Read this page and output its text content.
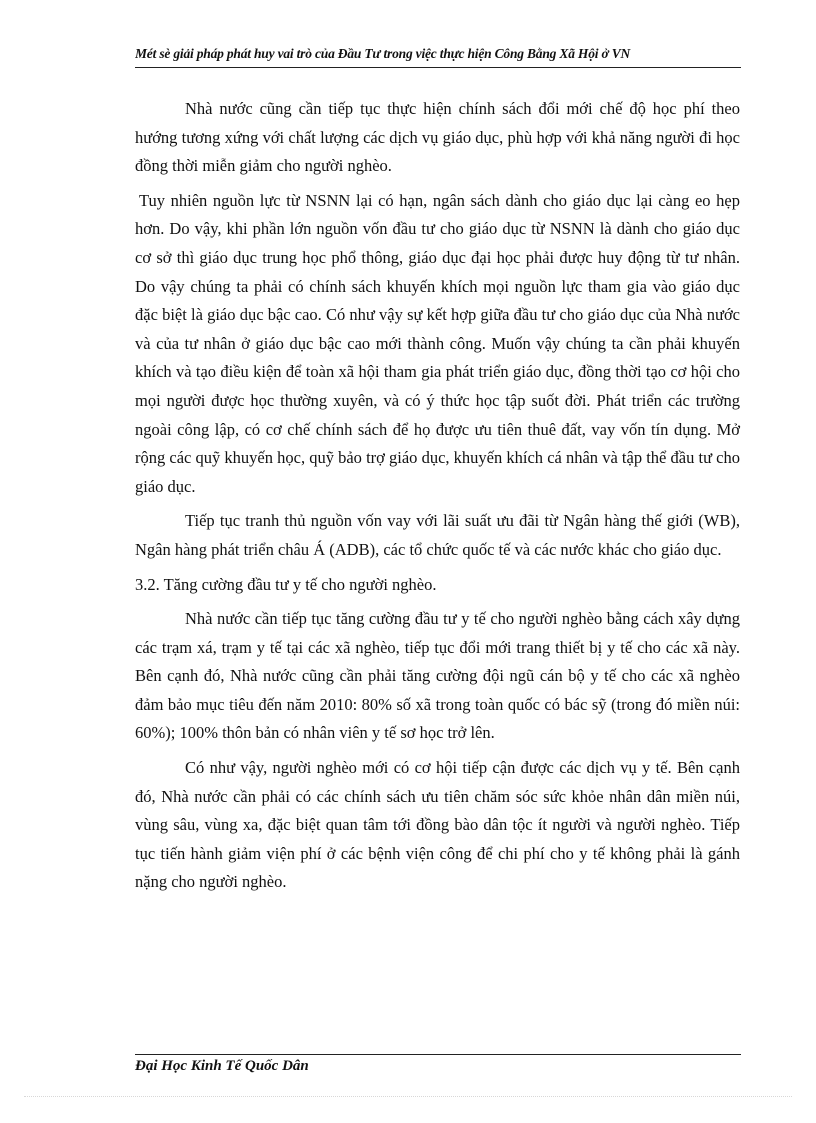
Mét sè giải pháp phát huy vai trò của Đầu Tư trong việc thực hiện Công Bằng Xã Hội ở VN

Nhà nước cũng cần tiếp tục thực hiện chính sách đổi mới chế độ học phí theo hướng tương xứng với chất lượng các dịch vụ giáo dục, phù hợp với khả năng người đi học đồng thời miễn giảm cho người nghèo.

Tuy nhiên nguồn lực từ NSNN lại có hạn, ngân sách dành cho giáo dục lại càng eo hẹp hơn. Do vậy, khi phần lớn nguồn vốn đầu tư cho giáo dục từ NSNN là dành cho giáo dục cơ sở thì giáo dục trung học phổ thông, giáo dục đại học phải được huy động từ tư nhân. Do vậy chúng ta phải có chính sách khuyến khích mọi nguồn lực tham gia vào giáo dục đặc biệt là giáo dục bậc cao. Có như vậy sự kết hợp giữa đầu tư cho giáo dục của Nhà nước và của tư nhân ở giáo dục bậc cao mới thành công. Muốn vậy chúng ta cần phải khuyến khích và tạo điều kiện để toàn xã hội tham gia phát triển giáo dục, đồng thời tạo cơ hội cho mọi người được học thường xuyên, và có ý thức học tập suốt đời. Phát triển các trường ngoài công lập, có cơ chế chính sách để họ được ưu tiên thuê đất, vay vốn tín dụng. Mở rộng các quỹ khuyến học, quỹ bảo trợ giáo dục, khuyến khích cá nhân và tập thể đầu tư cho giáo dục.

Tiếp tục tranh thủ nguồn vốn vay với lãi suất ưu đãi từ Ngân hàng thế giới (WB), Ngân hàng phát triển châu Á (ADB), các tổ chức quốc tế và các nước khác cho giáo dục.

3.2. Tăng cường đầu tư y tế cho người nghèo.

Nhà nước cần tiếp tục tăng cường đầu tư y tế cho người nghèo bằng cách xây dựng các trạm xá, trạm y tế tại các xã nghèo, tiếp tục đổi mới trang thiết bị y tế cho các xã này. Bên cạnh đó, Nhà nước cũng cần phải tăng cường đội ngũ cán bộ y tế cho các xã nghèo đảm bảo mục tiêu đến năm 2010: 80% số xã trong toàn quốc có bác sỹ (trong đó miền núi: 60%); 100% thôn bản có nhân viên y tế sơ học trở lên.

Có như vậy, người nghèo mới có cơ hội tiếp cận được các dịch vụ y tế. Bên cạnh đó, Nhà nước cần phải có các chính sách ưu tiên chăm sóc sức khỏe nhân dân miền núi, vùng sâu, vùng xa, đặc biệt quan tâm tới đồng bào dân tộc ít người và người nghèo. Tiếp tục tiến hành giảm viện phí ở các bệnh viện công để chi phí cho y tế không phải là gánh nặng cho người nghèo.

Đại Học Kinh Tế Quốc Dân
